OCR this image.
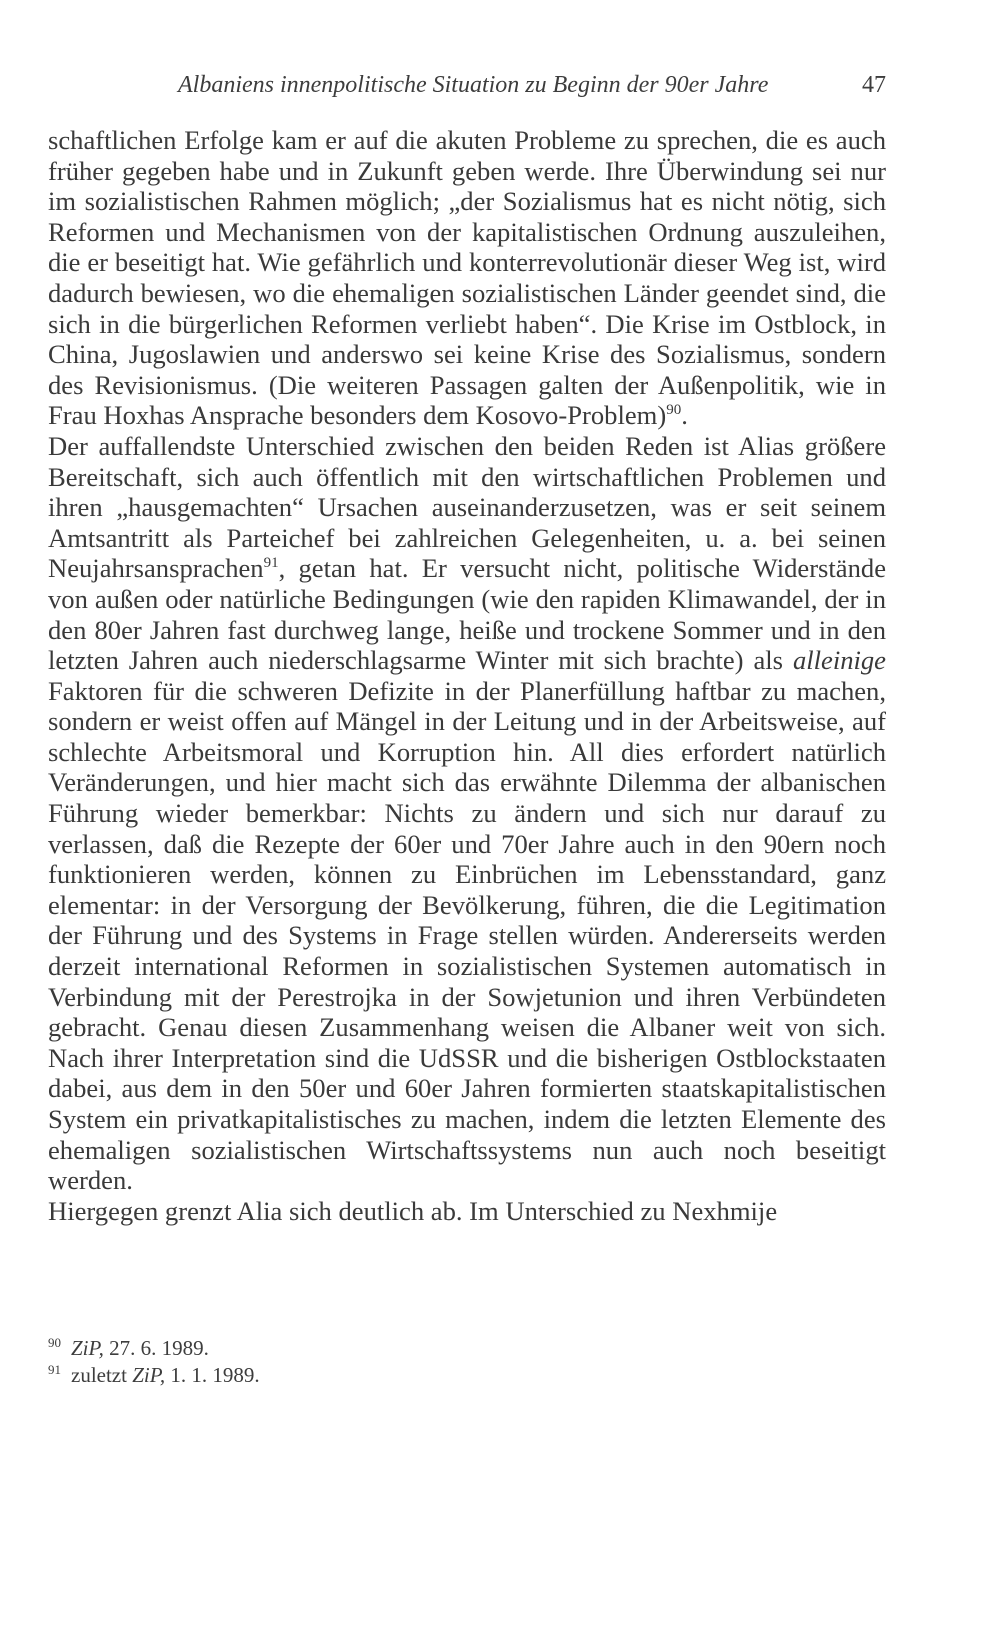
Albaniens innenpolitische Situation zu Beginn der 90er Jahre	47

schaftlichen Erfolge kam er auf die akuten Probleme zu sprechen, die es auch früher gegeben habe und in Zukunft geben werde. Ihre Überwindung sei nur im sozialistischen Rahmen möglich; „der Sozialismus hat es nicht nötig, sich Reformen und Mechanismen von der kapitalistischen Ordnung auszuleihen, die er beseitigt hat. Wie gefährlich und konterrevolutionär dieser Weg ist, wird dadurch bewiesen, wo die ehemaligen sozialistischen Länder geendet sind, die sich in die bürgerlichen Reformen verliebt haben“. Die Krise im Ostblock, in China, Jugoslawien und anderswo sei keine Krise des Sozialismus, sondern des Revisionismus. (Die weiteren Passagen galten der Außenpolitik, wie in Frau Hoxhas Ansprache besonders dem Kosovo-Problem)$^{90}$.

Der auffallendste Unterschied zwischen den beiden Reden ist Alias größere Bereitschaft, sich auch öffentlich mit den wirtschaftlichen Problemen und ihren „hausgemachten“ Ursachen auseinanderzusetzen, was er seit seinem Amtsantritt als Parteichef bei zahlreichen Gelegenheiten, u. a. bei seinen Neujahrsansprachen$^{91}$, getan hat. Er versucht nicht, politische Widerstände von außen oder natürliche Bedingungen (wie den rapiden Klimawandel, der in den 80er Jahren fast durchweg lange, heiße und trockene Sommer und in den letzten Jahren auch niederschlagsarme Winter mit sich brachte) als alleinige Faktoren für die schweren Defizite in der Planerfüllung haftbar zu machen, sondern er weist offen auf Mängel in der Leitung und in der Arbeitsweise, auf schlechte Arbeitsmoral und Korruption hin. All dies erfordert natürlich Veränderungen, und hier macht sich das erwähnte Dilemma der albanischen Führung wieder bemerkbar: Nichts zu ändern und sich nur darauf zu verlassen, daß die Rezepte der 60er und 70er Jahre auch in den 90ern noch funktionieren werden, können zu Einbrüchen im Lebensstandard, ganz elementar: in der Versorgung der Bevölkerung, führen, die die Legitimation der Führung und des Systems in Frage stellen würden. Andererseits werden derzeit international Reformen in sozialistischen Systemen automatisch in Verbindung mit der Perestrojka in der Sowjetunion und ihren Verbündeten gebracht. Genau diesen Zusammenhang weisen die Albaner weit von sich. Nach ihrer Interpretation sind die UdSSR und die bisherigen Ostblockstaaten dabei, aus dem in den 50er und 60er Jahren formierten staatskapitalistischen System ein privatkapitalistisches zu machen, indem die letzten Elemente des ehemaligen sozialistischen Wirtschaftssystems nun auch noch beseitigt werden.

Hiergegen grenzt Alia sich deutlich ab. Im Unterschied zu Nexhmije

$^{90}$ ZiP, 27. 6. 1989.

$^{91}$ zuletzt ZiP, 1. 1. 1989.
